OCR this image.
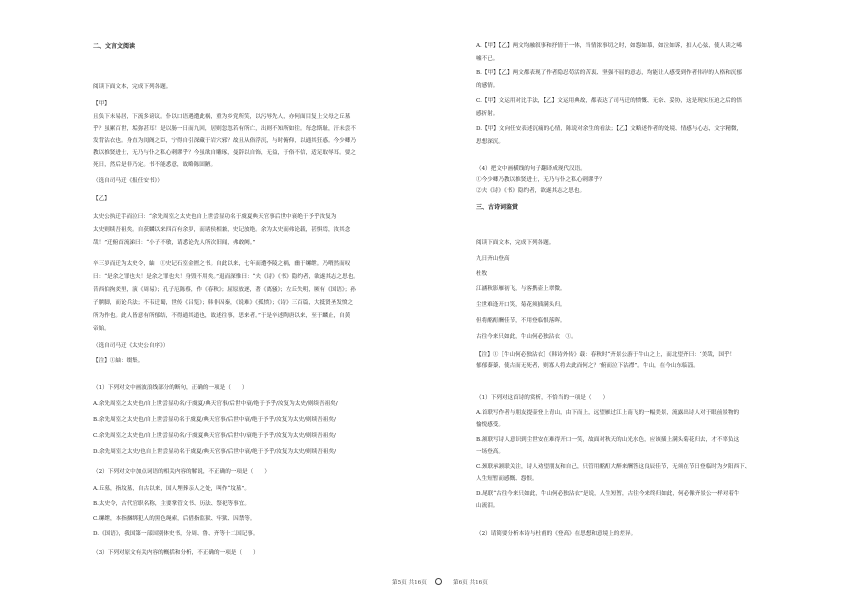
二、文言文阅读
阅读下面文本，完成下列各题。
【甲】
且负下未易居，下流多谤议。仆以口语遇遭此祸，重为乡党所笑，以污辱先人，亦何面目复上父母之丘墓
乎？虽累百世，垢弥甚耳！是以肠一日而九回，居则忽忽若有所亡，出则不知所如往。每念斯耻，汗未尝不
发背沾衣也。身直为闺阁之臣，宁得自引深藏于岩穴邪？故且从俗浮沉，与时俯仰，以通其狂惑。今少卿乃
教以推贤进士，无乃与仆之私心剌谬乎？今虽欲自雕琢，曼辞以自饰，无益，于俗不信，适足取辱耳。要之
死日，然后是非乃定。书不能悉意，故略陈固陋。
（选自司马迁《报任安书》）
【乙】
太史公执迁手而泣曰：“余先周室之太史也自上世尝显功名于虞夏典天官事后世中衰绝于予乎汝复为
太史则续吾祖矣。自获麟以来四百有余岁，而诸侯相兼，史记放绝。余为太史而弗论载，甚惧焉，汝其念
哉！”迁俯首流涕曰：“小子不敏，请悉论先人所次旧闻，弗敢阙。”
卒三岁而迁为太史令，紬　①史记石室金匮之书。自此以来，七年而遭李陵之祸，幽于缧绁。乃喟然而叹
曰：“是余之罪也夫！是余之罪也夫！身毁不用矣。”退而深惟曰：“夫《诗》《书》隐约者，欲遂其志之思也。
昔西伯拘羑里，演《周易》；孔子厄陈蔡，作《春秋》；屈原放逐，著《离骚》；左丘失明，厥有《国语》；孙
子膑脚，而论兵法；不韦迁蜀，世传《吕览》；韩非囚秦，《说难》《孤愤》；《诗》三百篇，大抵贤圣发愤之
所为作也。此人皆意有所郁结，不得通其道也，故述往事，思来者。”于是卒述陶唐以来，至于麟止，自黄
帝始。
（选自司马迁《太史公自序》）
【注】①紬：缀集。
（1）下列对文中画波浪线部分的断句，正确的一项是（　　）
A.余先周室之太史也/自上世尝显功名/于虞夏/典天官事/后世中衰/绝于予乎/汝复为太史/则续吾祖矣/
B.余先周室之太史也/自上世尝显功名于虞夏/典天官事/后世中衰/绝于予乎/汝复为太史/则续吾祖矣/
C.余先周室之太史也/自上世尝显功名/于虞夏典天官事/后世中/衰绝于予乎/汝复为太史/则续吾祖矣/
D.余先周室之太史/也自上世尝显功名于虞夏/典天官事/后世中衰/绝于予乎/汝复为太史/则续吾祖矣/
（2）下列对文中加点词语的相关内容的解说，不正确的一项是（　　）
A.丘墓，指坟墓，自古以来，国人埋葬亲人之处，叫作“坟墓”。
B.太史令，古代官职名称，主要掌管文书、历法、祭祀等事宜。
C.缧绁，本指捆绑犯人的黑色绳索，后借指监狱、牢狱、囚禁等。
D.《国语》，我国第一部国别体史书，分周、鲁、齐等十二国记事。
（3）下列对原文有关内容的概括和分析，不正确的一项是（　　）
A.【甲】【乙】两文均融叙事和抒情于一体，当情浓事切之时，如怨如慕，如泣如诉，扣人心弦，使人读之唏
嘘不已。
B.【甲】【乙】两文都表现了作者隐忍苟活的苦衷、坚强不屈的意志，均能让人感受到作者伟岸的人格和沉郁
的感情。
C.【甲】文运用对比手法，【乙】文运用典故，都表达了司马迁的愤慨、无奈、妥协，这是现实压迫之后的悟
感折射。
D.【甲】文向任安表述沉痛的心情，陈说对余生的看法；【乙】文略述作者的处境、情感与心志，文字精微，
思想深沉。
（4）把文中画横线的句子翻译成现代汉语。
①今少卿乃教以推贤进士，无乃与仆之私心剌谬乎？
②夫《诗》《书》隐约者，欲遂其志之思也。
三、古诗词鉴赏
阅读下面文本，完成下列各题。
九日齐山登高
杜牧
江涵秋影雁初飞，与客携壶上翠微。
尘世难逢开口笑，菊花须插满头归。
但将酩酊酬佳节，不用登临恨落晖。
古往今来只如此，牛山何必独沾衣　①。
【注】①［牛山何必独沾衣］《韩诗外传》载：春秋时“齐景公游于牛山之上，而北望齐曰：‘美哉，国乎！
郁郁蓁蓁，使古而无死者，则寡人将去此而何之？’俯而泣下沾襟”。牛山，在今山东临淄。
（1）下列对这首诗的赏析，不恰当的一项是（　　）
A.首联写作者与朋友提壶登上青山，由下而上，远望雁过江上南飞的一幅美景，流露出诗人对于眼前景物的
愉悦感受。
B.颔联写诗人意识到尘世安在难得开口一笑，故面对秋天的山光水色，应该插上满头菊花归去，才不辜负这
一场登高。
C.颈联承颔联关注，诗人劝望朋友和自己，只管用酩酊大醉来酬答这良辰佳节，无须在节日登临时为夕阳西下、
人生短暂而感慨、怨恨。
D.尾联“古往今来只如此，牛山何必独沾衣”是说，人生短暂，古往今来终归如此，何必像齐景公一样对着牛
山流泪。
（2）请简要分析本诗与杜甫的《登高》在思想和意境上的差异。
第5页 共16页	第6页 共16页
